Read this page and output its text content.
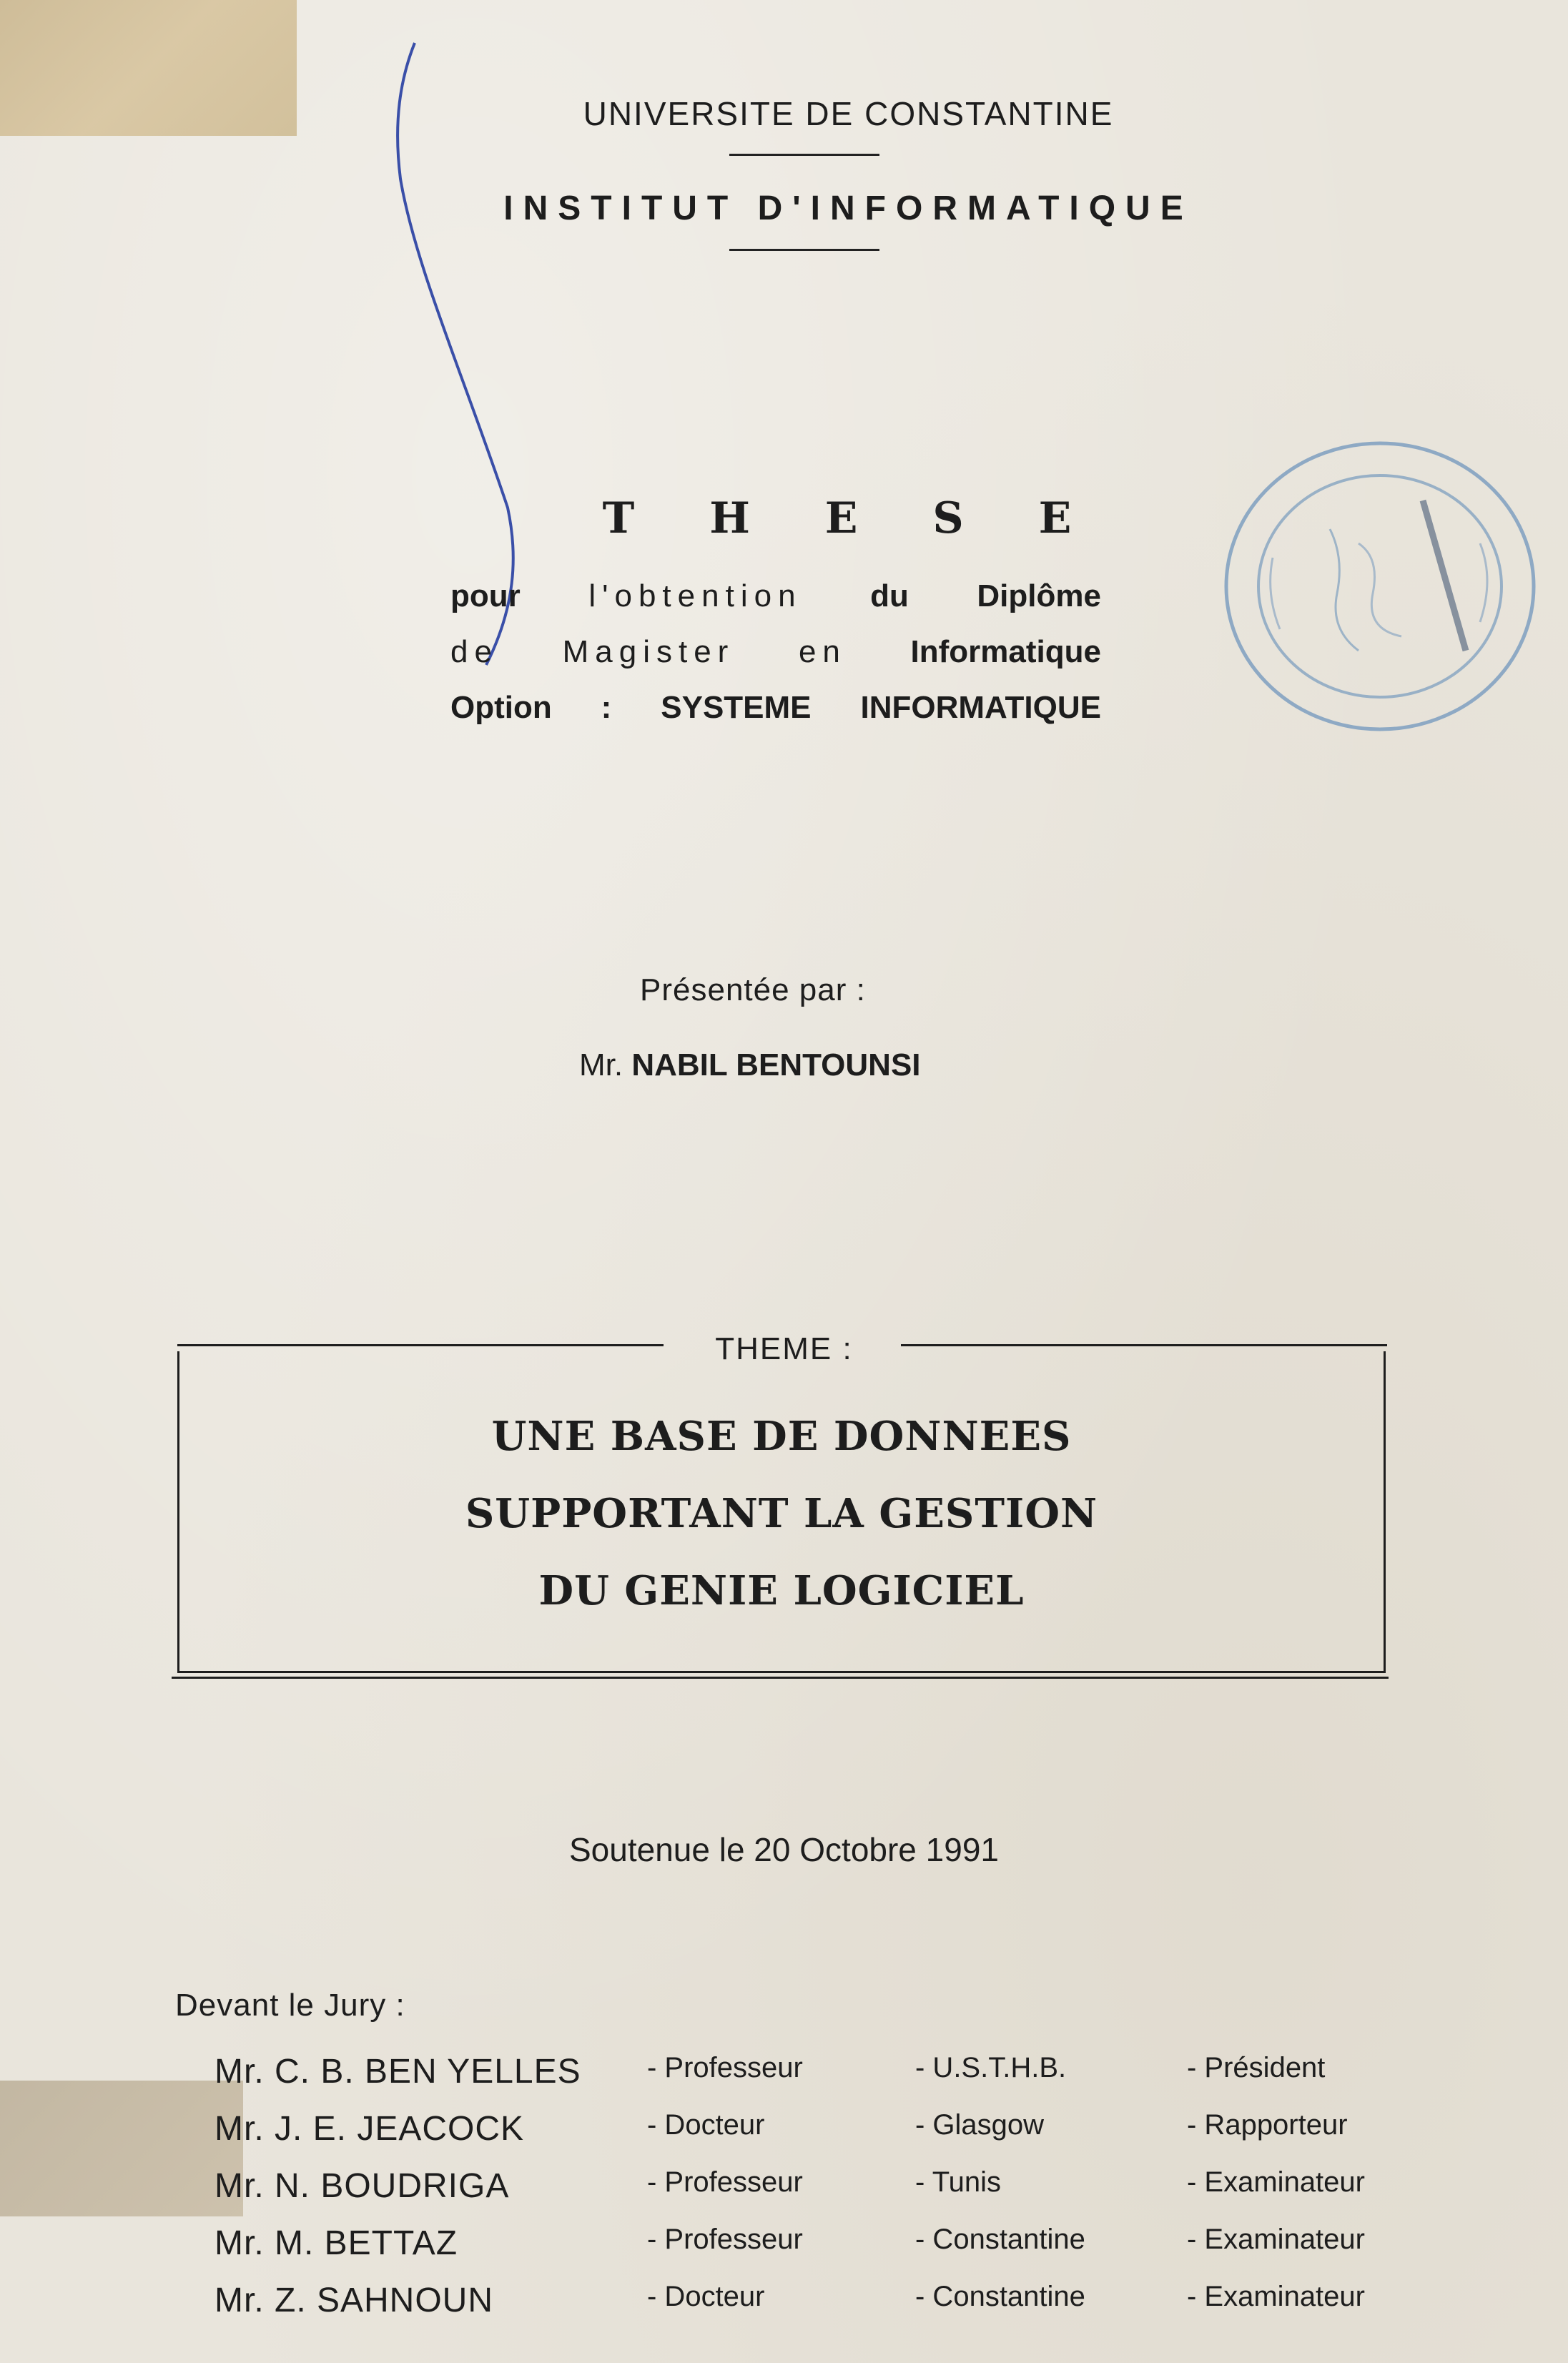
UNIVERSITE DE CONSTANTINE
INSTITUT D'INFORMATIQUE
T H E S E
pour l'obtention du Diplôme
de Magister en Informatique
Option : SYSTEME INFORMATIQUE
Présentée par :
Mr. NABIL BENTOUNSI
THEME :
UNE BASE DE DONNEES
SUPPORTANT LA GESTION
DU GENIE LOGICIEL
Soutenue le 20 Octobre 1991
Devant le Jury :
Mr. C. B. BEN YELLES - Professeur	- U.S.T.H.B.	- Président
Mr. J. E. JEACOCK	- Docteur	- Glasgow	- Rapporteur
Mr. N. BOUDRIGA	- Professeur	- Tunis	- Examinateur
Mr. M. BETTAZ	- Professeur	- Constantine	- Examinateur
Mr. Z. SAHNOUN	- Docteur	- Constantine	- Examinateur
